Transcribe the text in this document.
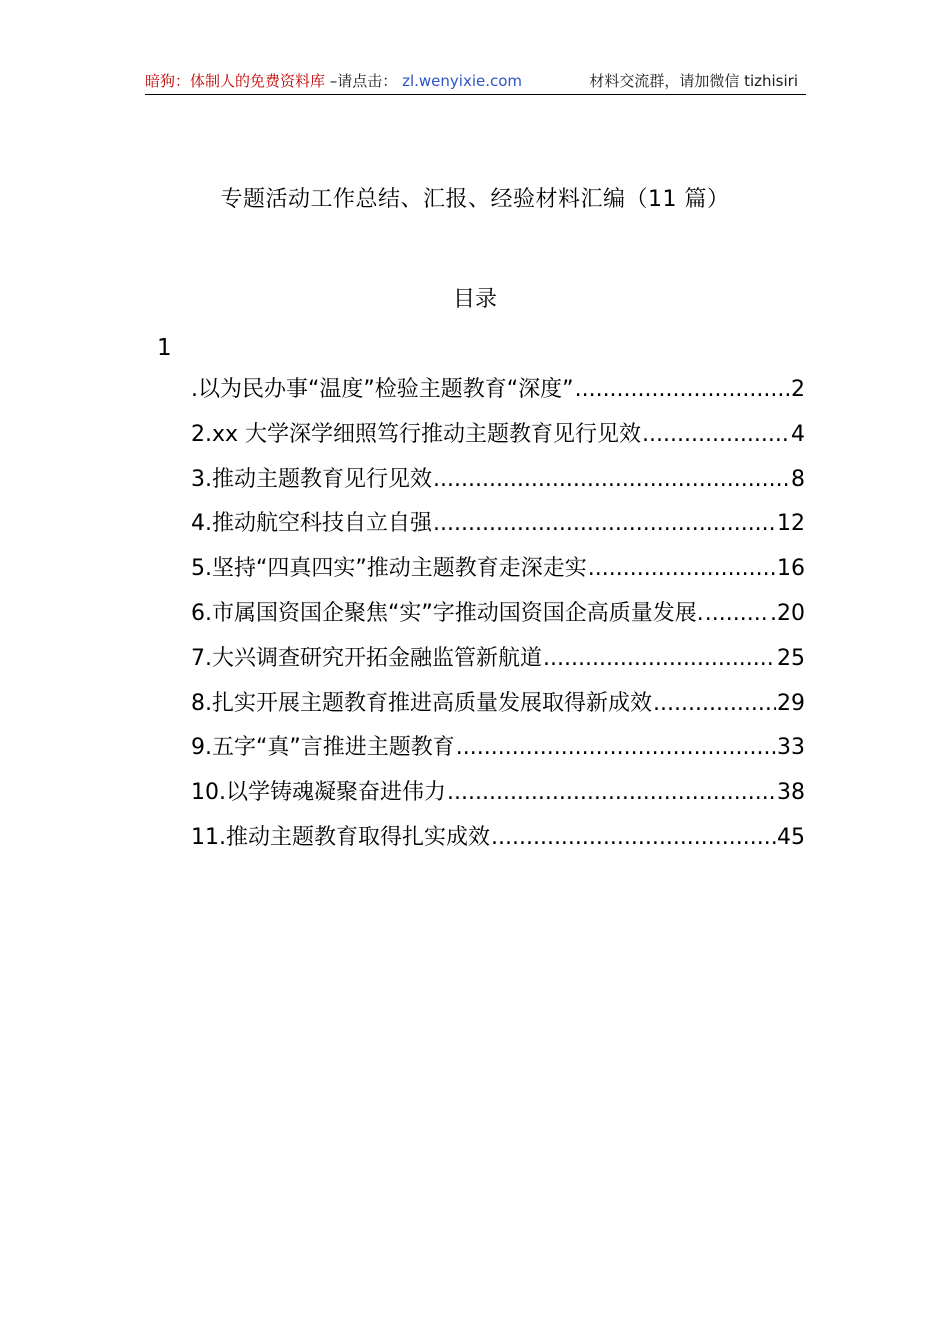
暗狗：体制人的免费资料库 –请点击： zl.wenyixie.com	材料交流群，请加微信 tizhisiri
专题活动工作总结、汇报、经验材料汇编（11 篇）
目录
1
.以为民办事“温度”检验主题教育“深度” .....	2
2.xx 大学深学细照笃行推动主题教育见行见效 .....	4
3.推动主题教育见行见效 .....	8
4.推动航空科技自立自强 .....	12
5.坚持“四真四实”推动主题教育走深走实 .....	16
6.市属国资国企聚焦“实”字推动国资国企高质量发展. .....	.20
7.大兴调查研究开拓金融监管新航道 .....	25
8.扎实开展主题教育推进高质量发展取得新成效 .....	29
9.五字“真”言推进主题教育 .....	33
10.以学铸魂凝聚奋进伟力 .....	38
11.推动主题教育取得扎实成效 .....	45
